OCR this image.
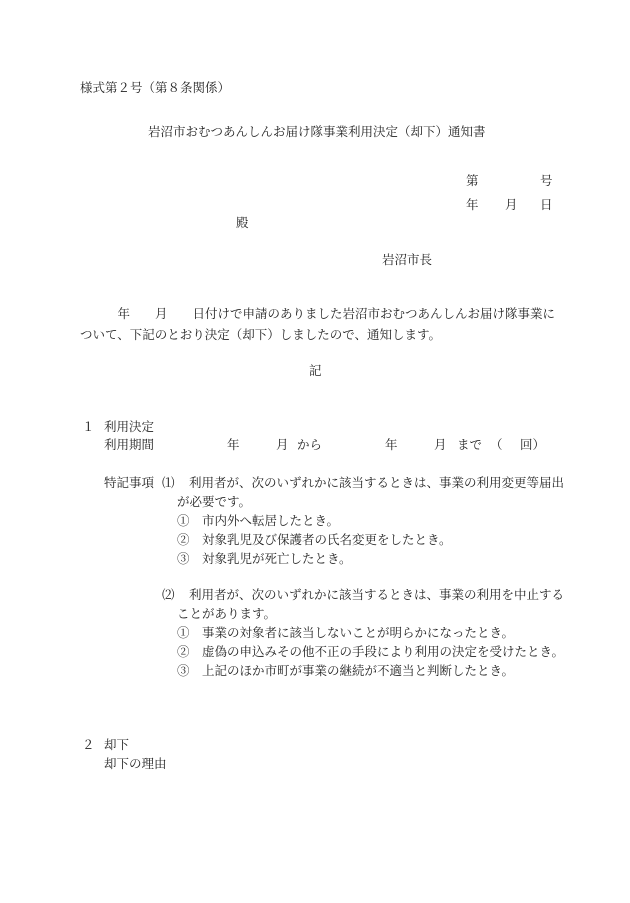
様式第２号（第８条関係）
岩沼市おむつあんしんお届け隊事業利用決定（却下）通知書
第	号
年 月 日
殿
岩沼市長
　　　年　　月　　日付けで申請のありました岩沼市おむつあんしんお届け隊事業に
ついて、下記のとおり決定（却下）しましたので、通知します。
記
１ 利用決定
利用期間	年	月 から	年	月 まで （ 回）
特記事項 ⑴ 利用者が、次のいずれかに該当するときは、事業の利用変更等届出
が必要です。
①　市内外へ転居したとき。
②　対象乳児及び保護者の氏名変更をしたとき。
③　対象乳児が死亡したとき。
⑵ 利用者が、次のいずれかに該当するときは、事業の利用を中止する
ことがあります。
①　事業の対象者に該当しないことが明らかになったとき。
②　虚偽の申込みその他不正の手段により利用の決定を受けたとき。
③　上記のほか市町が事業の継続が不適当と判断したとき。
２ 却下
却下の理由
